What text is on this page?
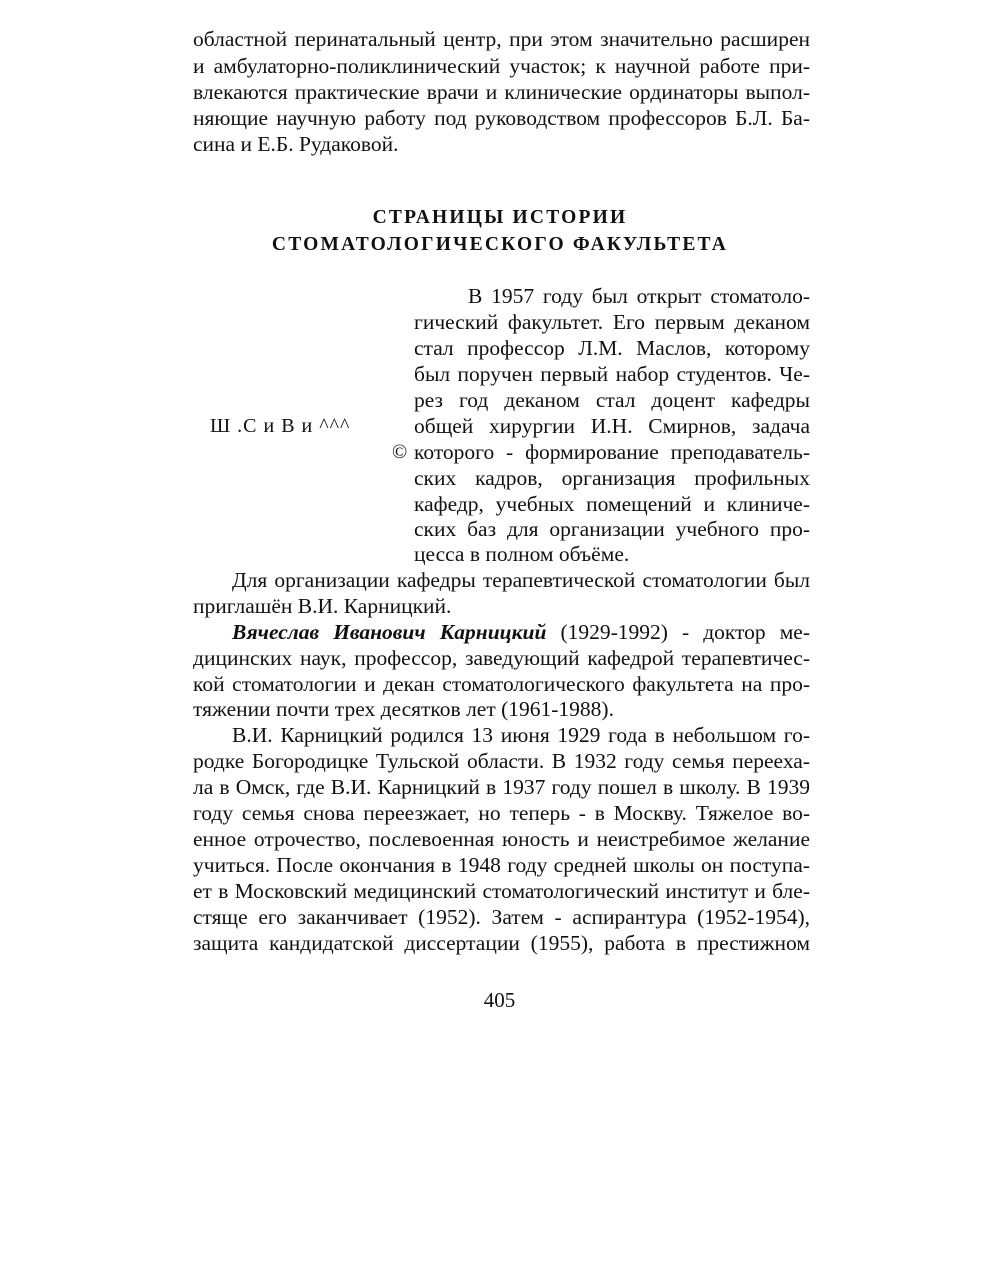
областной перинатальный центр, при этом значительно расширен
и амбулаторно-поликлинический участок; к научной работе при-
влекаются практические врачи и клинические ординаторы выпол-
няющие научную работу под руководством профессоров Б.Л. Ба-
сина и Е.Б. Рудаковой.
СТРАНИЦЫ ИСТОРИИ
СТОМАТОЛОГИЧЕСКОГО ФАКУЛЬТЕТА
Ш .С и В и ^^^
©
В 1957 году был открыт стоматоло-
гический факультет. Его первым деканом
стал профессор Л.М. Маслов, которому
был поручен первый набор студентов. Че-
рез год деканом стал доцент кафедры
общей хирургии И.Н. Смирнов, задача
которого - формирование преподаватель-
ских кадров, организация профильных
кафедр, учебных помещений и клиниче-
ских баз для организации учебного про-
цесса в полном объёме.
Для организации кафедры терапевтической стоматологии был
приглашён В.И. Карницкий.
Вячеслав Иванович Карницкий (1929-1992) - доктор ме-
дицинских наук, профессор, заведующий кафедрой терапевтичес-
кой стоматологии и декан стоматологического факультета на про-
тяжении почти трех десятков лет (1961-1988).
В.И. Карницкий родился 13 июня 1929 года в небольшом го-
родке Богородицке Тульской области. В 1932 году семья перееха-
ла в Омск, где В.И. Карницкий в 1937 году пошел в школу. В 1939
году семья снова переезжает, но теперь - в Москву. Тяжелое во-
енное отрочество, послевоенная юность и неистребимое желание
учиться. После окончания в 1948 году средней школы он поступа-
ет в Московский медицинский стоматологический институт и бле-
стяще его заканчивает (1952). Затем - аспирантура (1952-1954),
защита кандидатской диссертации (1955), работа в престижном
405
